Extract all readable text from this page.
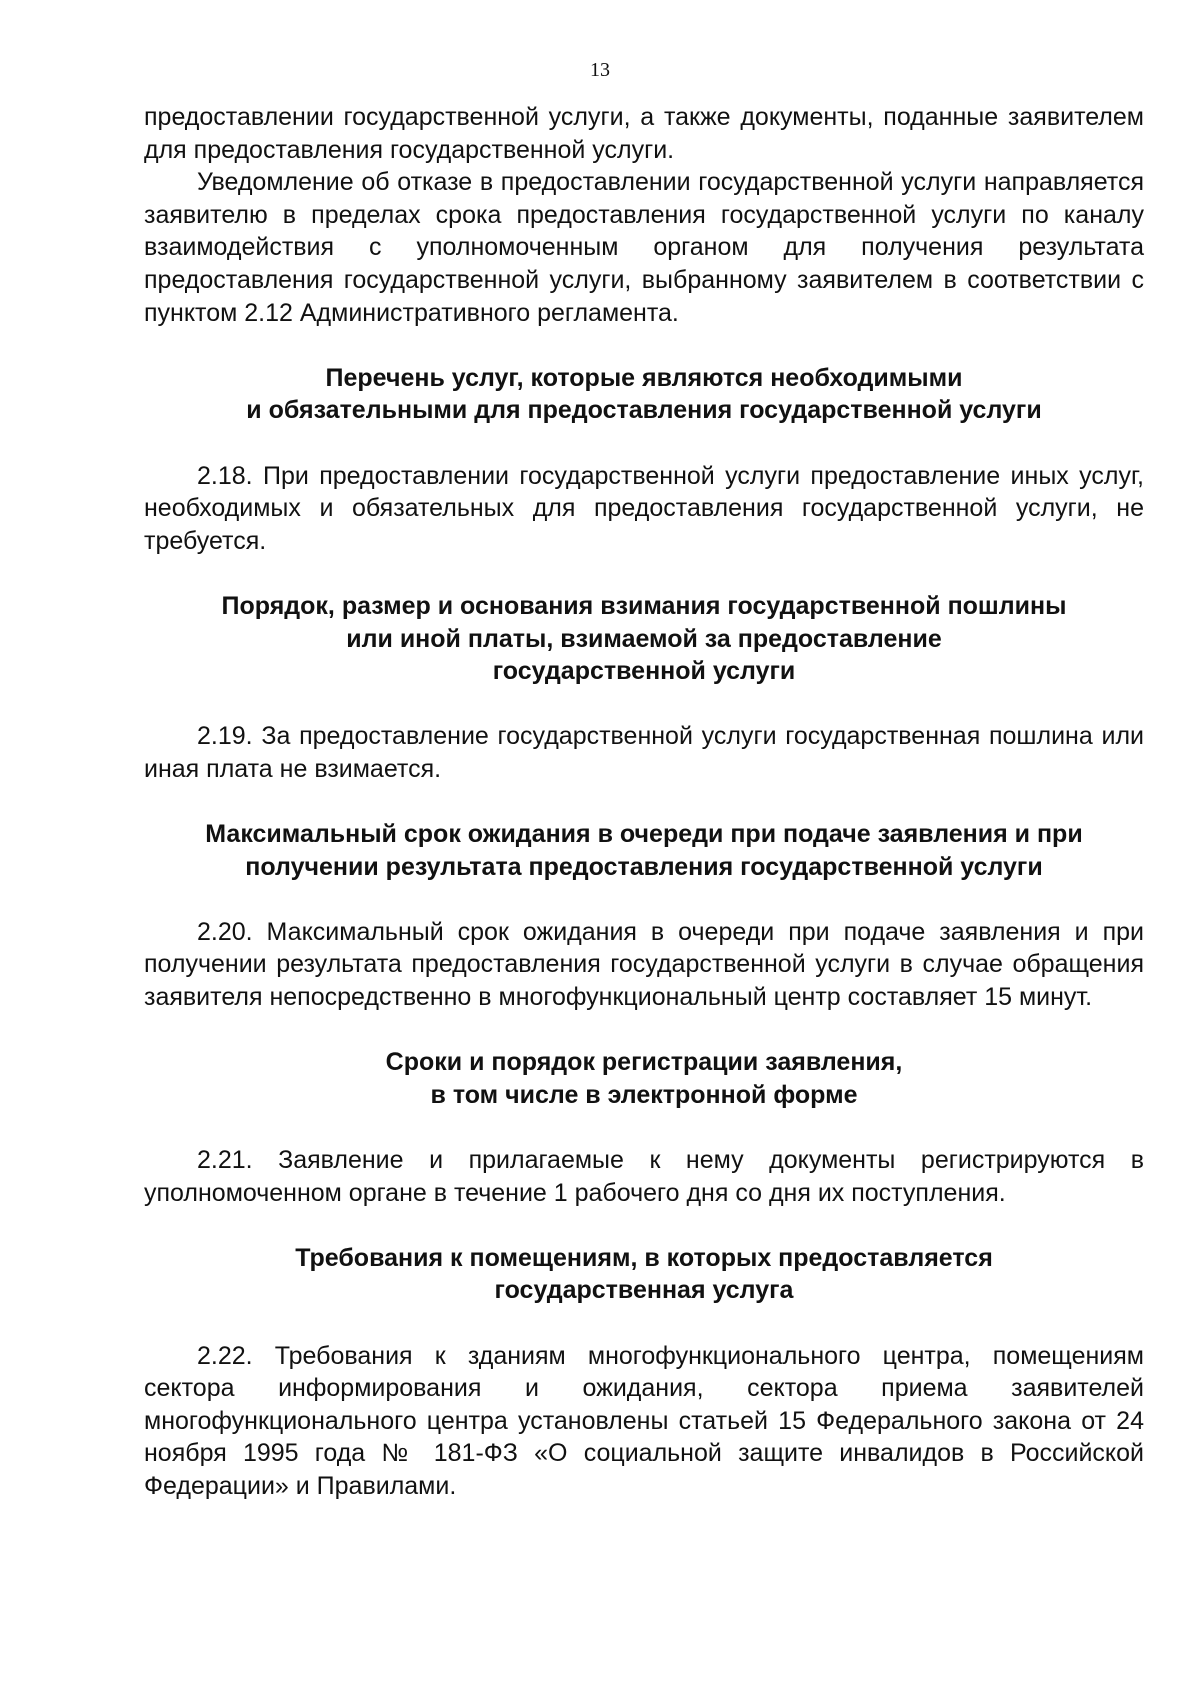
13

предоставлении государственной услуги, а также документы, поданные заявителем для предоставления государственной услуги.

Уведомление об отказе в предоставлении государственной услуги направляется заявителю в пределах срока предоставления государственной услуги по каналу взаимодействия с уполномоченным органом для получения результата предоставления государственной услуги, выбранному заявителем в соответствии с пунктом 2.12 Административного регламента.

Перечень услуг, которые являются необходимыми
и обязательными для предоставления государственной услуги

2.18. При предоставлении государственной услуги предоставление иных услуг, необходимых и обязательных для предоставления государственной услуги, не требуется.

Порядок, размер и основания взимания государственной пошлины
или иной платы, взимаемой за предоставление
государственной услуги

2.19. За предоставление государственной услуги государственная пошлина или иная плата не взимается.

Максимальный срок ожидания в очереди при подаче заявления и при
получении результата предоставления государственной услуги

2.20. Максимальный срок ожидания в очереди при подаче заявления и при получении результата предоставления государственной услуги в случае обращения заявителя непосредственно в многофункциональный центр составляет 15 минут.

Сроки и порядок регистрации заявления,
в том числе в электронной форме

2.21. Заявление и прилагаемые к нему документы регистрируются в уполномоченном органе в течение 1 рабочего дня со дня их поступления.

Требования к помещениям, в которых предоставляется
государственная услуга

2.22. Требования к зданиям многофункционального центра, помещениям сектора информирования и ожидания, сектора приема заявителей многофункционального центра установлены статьей 15 Федерального закона от 24 ноября 1995 года № 181-ФЗ «О социальной защите инвалидов в Российской Федерации» и Правилами.
